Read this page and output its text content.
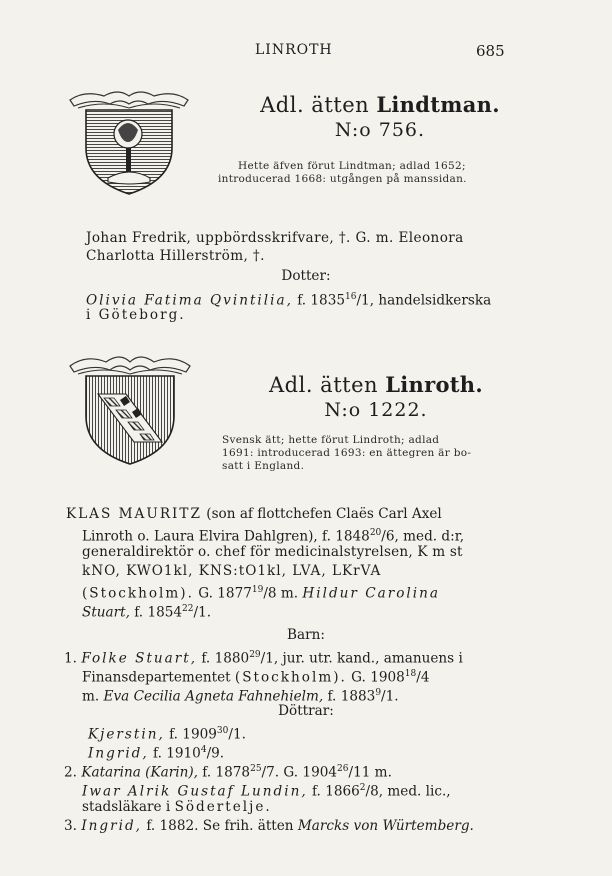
LINROTH	685
Adl. ätten Lindtman.
N:o 756.
Hette äfven förut Lindtman; adlad 1652;
introducerad 1668: utgången på manssidan.
Johan Fredrik, uppbördsskrifvare, †. G. m. Eleonora
Charlotta Hillerström, †.
Dotter:
Olivia Fatima Qvintilia, f. 1835$^{16}$/1, handelsidkerska
i Göteborg.
Adl. ätten Linroth.
N:o 1222.
Svensk ätt; hette förut Lindroth; adlad
1691: introducerad 1693: en ättegren är bo-
satt i England.
KLAS MAURITZ (son af flottchefen Claës Carl Axel
Linroth o. Laura Elvira Dahlgren), f. 1848$^{20}$/6, med. d:r,
generaldirektör o. chef för medicinalstyrelsen, K m st
kNO, KWO1kl, KNS:tO1kl, LVA, LKrVA
(Stockholm). G. 1877$^{19}$/8 m. Hildur Carolina
Stuart, f. 1854$^{22}$/1.
Barn:
1. Folke Stuart, f. 1880$^{29}$/1, jur. utr. kand., amanuens i
Finansdepartementet (Stockholm). G. 1908$^{18}$/4
m. Eva Cecilia Agneta Fahnehielm, f. 1883$^9$/1.
Döttrar:
Kjerstin, f. 1909$^{30}$/1.
Ingrid, f. 1910$^4$/9.
2. Katarina (Karin), f. 1878$^{25}$/7. G. 1904$^{26}$/11 m.
Iwar Alrik Gustaf Lundin, f. 1866$^2$/8, med. lic.,
stadsläkare i Södertelje.
3. Ingrid, f. 1882. Se frih. ätten Marcks von Würtemberg.
